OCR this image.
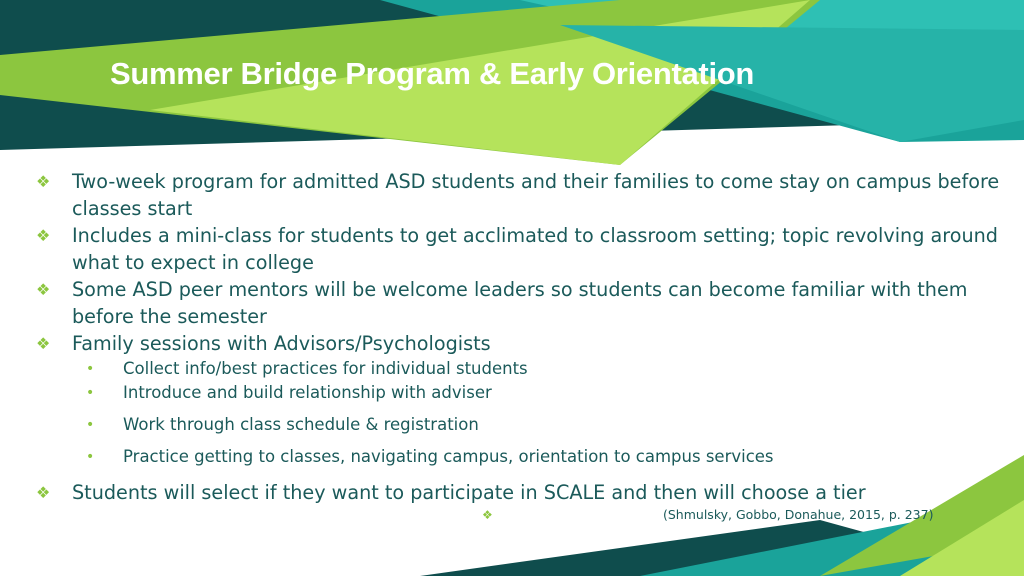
Summer Bridge Program & Early Orientation
❖ Two-week program for admitted ASD students and their families to come stay on campus before classes start
❖ Includes a mini-class for students to get acclimated to classroom setting; topic revolving around what to expect in college
❖ Some ASD peer mentors will be welcome leaders so students can become familiar with them before the semester
❖ Family sessions with Advisors/Psychologists
• Collect info/best practices for individual students
• Introduce and build relationship with adviser
• Work through class schedule & registration
• Practice getting to classes, navigating campus, orientation to campus services
❖ Students will select if they want to participate in SCALE and then will choose a tier
❖	(Shmulsky, Gobbo, Donahue, 2015, p. 237)
